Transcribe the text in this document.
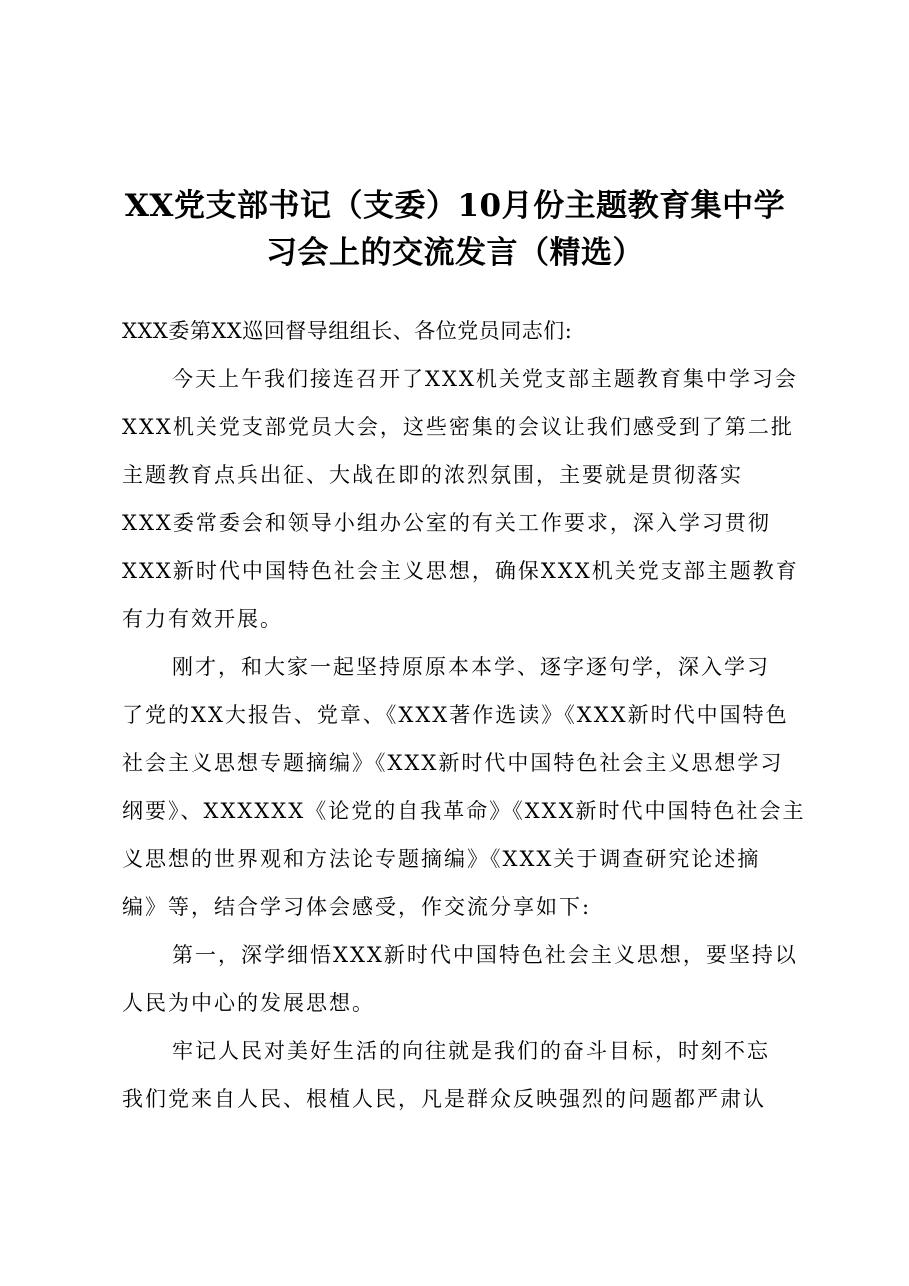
XX党支部书记（支委）10月份主题教育集中学
习会上的交流发言（精选）
XXX委第XX巡回督导组组长、各位党员同志们:
今天上午我们接连召开了XXX机关党支部主题教育集中学习会
XXX机关党支部党员大会，这些密集的会议让我们感受到了第二批
主题教育点兵出征、大战在即的浓烈氛围，主要就是贯彻落实
XXX委常委会和领导小组办公室的有关工作要求，深入学习贯彻
XXX新时代中国特色社会主义思想，确保XXX机关党支部主题教育
有力有效开展。
刚才，和大家一起坚持原原本本学、逐字逐句学，深入学习
了党的XX大报告、党章、《XXX著作选读》《XXX新时代中国特色
社会主义思想专题摘编》《XXX新时代中国特色社会主义思想学习
纲要》、XXXXXX《论党的自我革命》《XXX新时代中国特色社会主
义思想的世界观和方法论专题摘编》《XXX关于调查研究论述摘
编》等，结合学习体会感受，作交流分享如下:
第一，深学细悟XXX新时代中国特色社会主义思想，要坚持以
人民为中心的发展思想。
牢记人民对美好生活的向往就是我们的奋斗目标，时刻不忘
我们党来自人民、根植人民，凡是群众反映强烈的问题都严肃认
